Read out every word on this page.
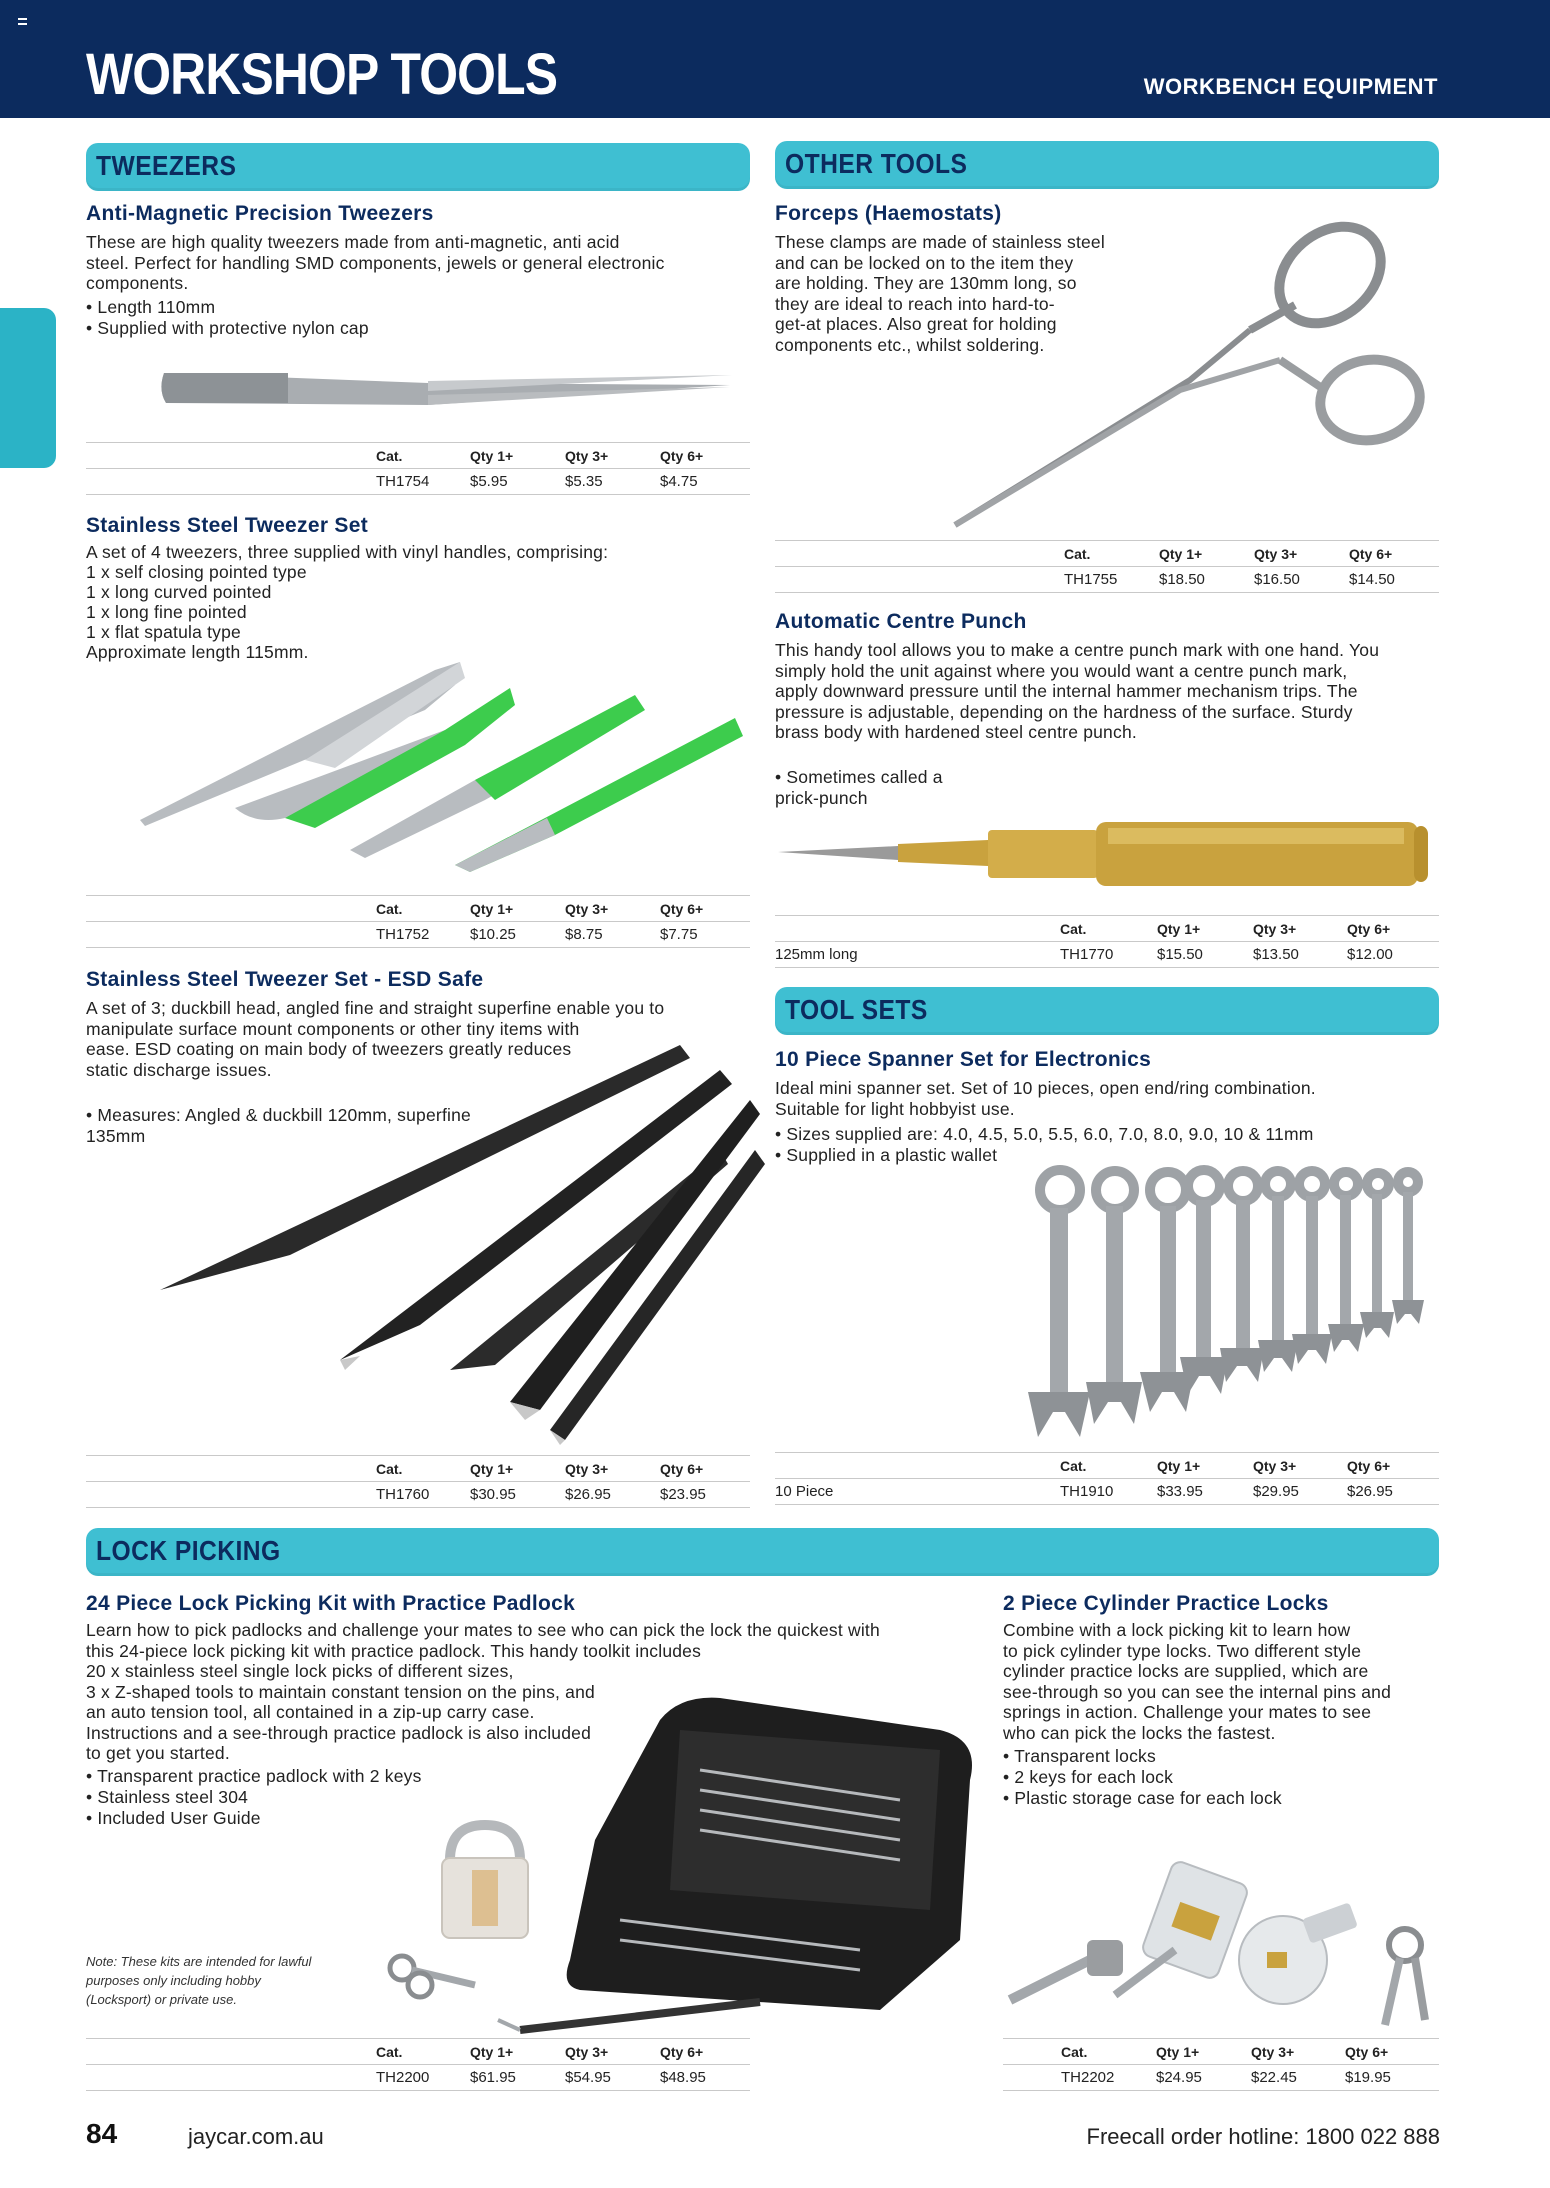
WORKSHOP TOOLS	WORKBENCH EQUIPMENT
TWEEZERS
Anti-Magnetic Precision Tweezers
These are high quality tweezers made from anti-magnetic, anti acid
steel. Perfect for handling SMD components, jewels or general electronic
components.
• Length 110mm
• Supplied with protective nylon cap
	Cat.	Qty 1+	Qty 3+	Qty 6+
	TH1754	$5.95	$5.35	$4.75
Stainless Steel Tweezer Set
A set of 4 tweezers, three supplied with vinyl handles, comprising:
1 x self closing pointed type
1 x long curved pointed
1 x long fine pointed
1 x flat spatula type
Approximate length 115mm.
	Cat.	Qty 1+	Qty 3+	Qty 6+
	TH1752	$10.25	$8.75	$7.75
Stainless Steel Tweezer Set - ESD Safe
A set of 3; duckbill head, angled fine and straight superfine enable you to
manipulate surface mount components or other tiny items with
ease. ESD coating on main body of tweezers greatly reduces
static discharge issues.

• Measures: Angled & duckbill 120mm, superfine
135mm

	Cat.	Qty 1+	Qty 3+	Qty 6+
	TH1760	$30.95	$26.95	$23.95
OTHER TOOLS
Forceps (Haemostats)
These clamps are made of stainless steel
and can be locked on to the item they
are holding. They are 130mm long, so
they are ideal to reach into hard-to-
get-at places. Also great for holding
components etc., whilst soldering.
	Cat.	Qty 1+	Qty 3+	Qty 6+
	TH1755	$18.50	$16.50	$14.50
Automatic Centre Punch
This handy tool allows you to make a centre punch mark with one hand. You
simply hold the unit against where you would want a centre punch mark,
apply downward pressure until the internal hammer mechanism trips. The
pressure is adjustable, depending on the hardness of the surface. Sturdy
brass body with hardened steel centre punch.

• Sometimes called a
prick-punch

	Cat.	Qty 1+	Qty 3+	Qty 6+
125mm long	TH1770	$15.50	$13.50	$12.00
TOOL SETS
10 Piece Spanner Set for Electronics
Ideal mini spanner set. Set of 10 pieces, open end/ring combination.
Suitable for light hobbyist use.
• Sizes supplied are: 4.0, 4.5, 5.0, 5.5, 6.0, 7.0, 8.0, 9.0, 10 & 11mm
• Supplied in a plastic wallet
	Cat.	Qty 1+	Qty 3+	Qty 6+
10 Piece	TH1910	$33.95	$29.95	$26.95
LOCK PICKING
24 Piece Lock Picking Kit with Practice Padlock
Learn how to pick padlocks and challenge your mates to see who can pick the lock the quickest with
this 24-piece lock picking kit with practice padlock. This handy toolkit includes
20 x stainless steel single lock picks of different sizes,
3 x Z-shaped tools to maintain constant tension on the pins, and
an auto tension tool, all contained in a zip-up carry case.
Instructions and a see-through practice padlock is also included
to get you started.
• Transparent practice padlock with 2 keys
• Stainless steel 304
• Included User Guide
Note: These kits are intended for lawful
purposes only including hobby
(Locksport) or private use.
	Cat.	Qty 1+	Qty 3+	Qty 6+
	TH2200	$61.95	$54.95	$48.95
2 Piece Cylinder Practice Locks
Combine with a lock picking kit to learn how
to pick cylinder type locks. Two different style
cylinder practice locks are supplied, which are
see-through so you can see the internal pins and
springs in action. Challenge your mates to see
who can pick the locks the fastest.
• Transparent locks
• 2 keys for each lock
• Plastic storage case for each lock
	Cat.	Qty 1+	Qty 3+	Qty 6+
	TH2202	$24.95	$22.45	$19.95
84	jaycar.com.au	Freecall order hotline: 1800 022 888
